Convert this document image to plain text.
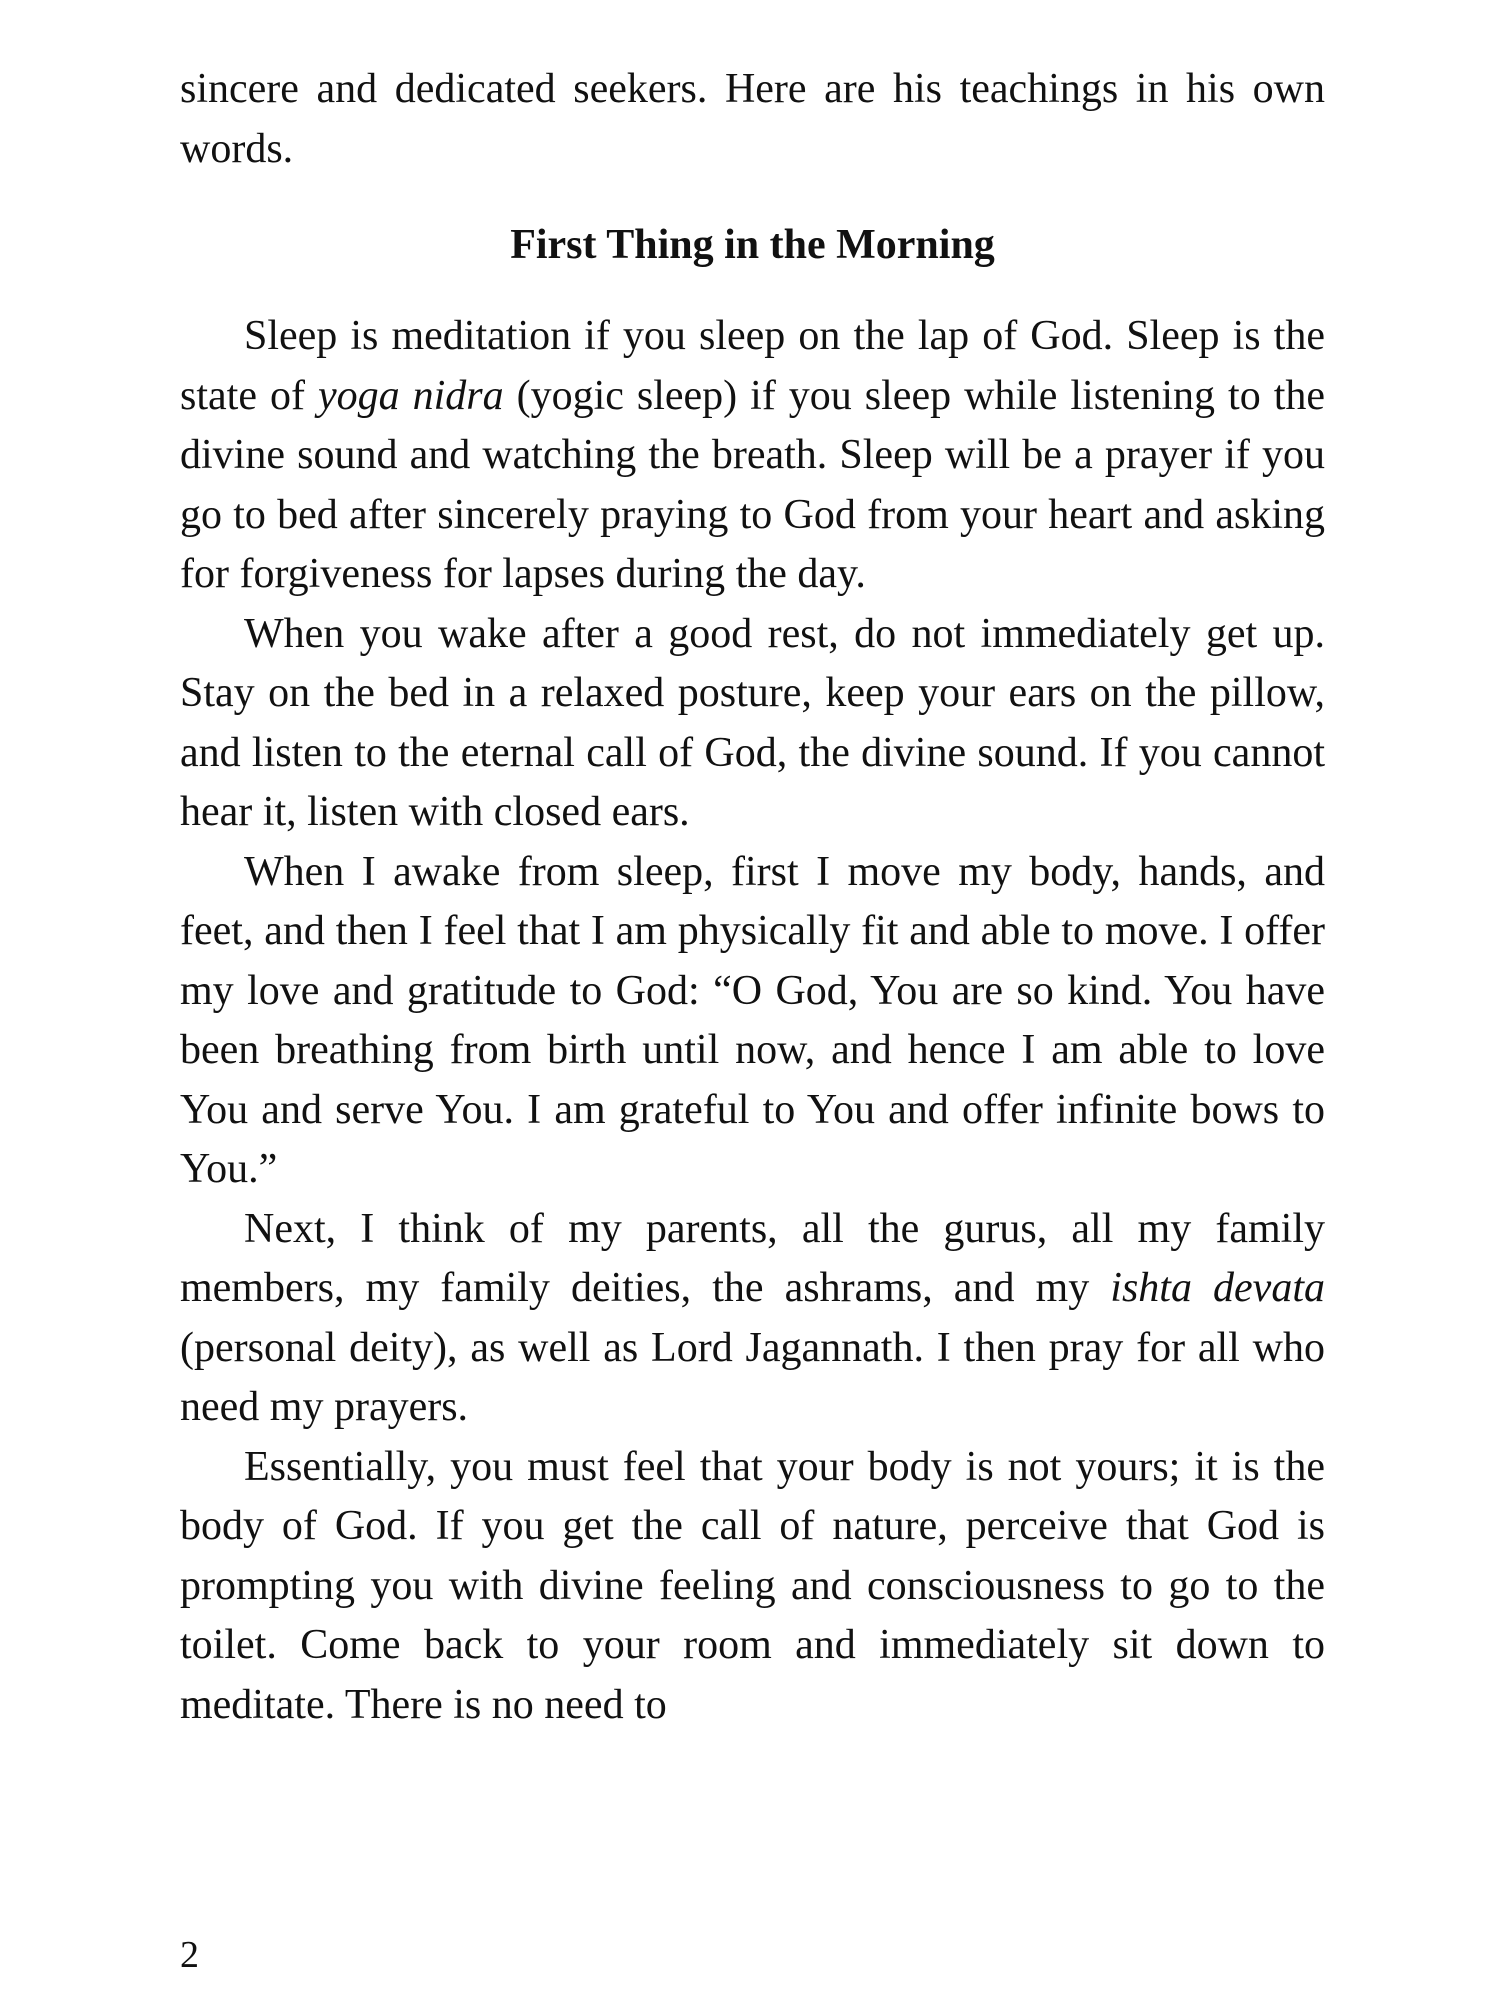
sincere and dedicated seekers. Here are his teachings in his own words.

First Thing in the Morning

Sleep is meditation if you sleep on the lap of God. Sleep is the state of yoga nidra (yogic sleep) if you sleep while listening to the divine sound and watching the breath. Sleep will be a prayer if you go to bed after sincerely praying to God from your heart and asking for forgiveness for lapses during the day.

When you wake after a good rest, do not immediately get up. Stay on the bed in a relaxed posture, keep your ears on the pillow, and listen to the eternal call of God, the divine sound. If you cannot hear it, listen with closed ears.

When I awake from sleep, first I move my body, hands, and feet, and then I feel that I am physically fit and able to move. I offer my love and gratitude to God: “O God, You are so kind. You have been breathing from birth until now, and hence I am able to love You and serve You. I am grateful to You and offer infinite bows to You.”

Next, I think of my parents, all the gurus, all my family members, my family deities, the ashrams, and my ishta devata (personal deity), as well as Lord Jagannath. I then pray for all who need my prayers.

Essentially, you must feel that your body is not yours; it is the body of God. If you get the call of nature, perceive that God is prompting you with divine feeling and consciousness to go to the toilet. Come back to your room and immediately sit down to meditate. There is no need to

2
